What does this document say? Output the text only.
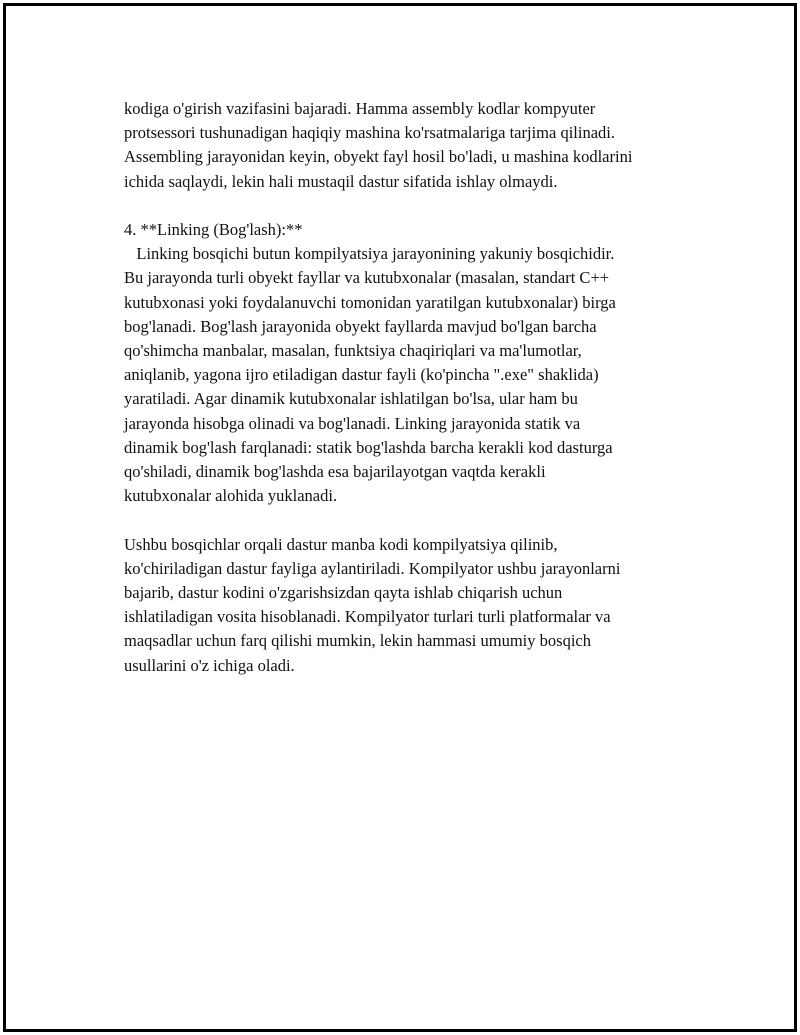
kodiga o'girish vazifasini bajaradi. Hamma assembly kodlar kompyuter
protsessori tushunadigan haqiqiy mashina ko'rsatmalariga tarjima qilinadi.
Assembling jarayonidan keyin, obyekt fayl hosil bo'ladi, u mashina kodlarini
ichida saqlaydi, lekin hali mustaqil dastur sifatida ishlay olmaydi.
4. **Linking (Bog'lash):**
Linking bosqichi butun kompilyatsiya jarayonining yakuniy bosqichidir.
Bu jarayonda turli obyekt fayllar va kutubxonalar (masalan, standart C++
kutubxonasi yoki foydalanuvchi tomonidan yaratilgan kutubxonalar) birga
bog'lanadi. Bog'lash jarayonida obyekt fayllarda mavjud bo'lgan barcha
qo'shimcha manbalar, masalan, funktsiya chaqiriqlari va ma'lumotlar,
aniqlanib, yagona ijro etiladigan dastur fayli (ko'pincha ".exe" shaklida)
yaratiladi. Agar dinamik kutubxonalar ishlatilgan bo'lsa, ular ham bu
jarayonda hisobga olinadi va bog'lanadi. Linking jarayonida statik va
dinamik bog'lash farqlanadi: statik bog'lashda barcha kerakli kod dasturga
qo'shiladi, dinamik bog'lashda esa bajarilayotgan vaqtda kerakli
kutubxonalar alohida yuklanadi.
Ushbu bosqichlar orqali dastur manba kodi kompilyatsiya qilinib,
ko'chiriladigan dastur fayliga aylantiriladi. Kompilyator ushbu jarayonlarni
bajarib, dastur kodini o'zgarishsizdan qayta ishlab chiqarish uchun
ishlatiladigan vosita hisoblanadi. Kompilyator turlari turli platformalar va
maqsadlar uchun farq qilishi mumkin, lekin hammasi umumiy bosqich
usullarini o'z ichiga oladi.
